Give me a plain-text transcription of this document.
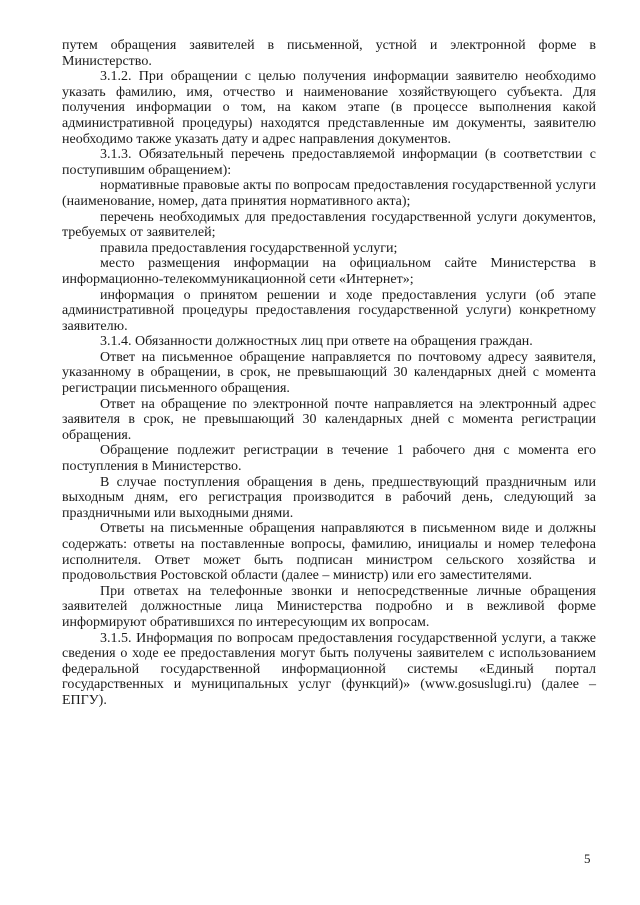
путем обращения заявителей в письменной, устной и электронной форме в Министерство.

3.1.2. При обращении с целью получения информации заявителю необходимо указать фамилию, имя, отчество и наименование хозяйствующего субъекта. Для получения информации о том, на каком этапе (в процессе выполнения какой административной процедуры) находятся представленные им документы, заявителю необходимо также указать дату и адрес направления документов.

3.1.3. Обязательный перечень предоставляемой информации (в соответствии с поступившим обращением):

нормативные правовые акты по вопросам предоставления государственной услуги (наименование, номер, дата принятия нормативного акта);

перечень необходимых для предоставления государственной услуги документов, требуемых от заявителей;

правила предоставления государственной услуги;

место размещения информации на официальном сайте Министерства в информационно-телекоммуникационной сети «Интернет»;

информация о принятом решении и ходе предоставления услуги (об этапе административной процедуры предоставления государственной услуги) конкретному заявителю.

3.1.4. Обязанности должностных лиц при ответе на обращения граждан.

Ответ на письменное обращение направляется по почтовому адресу заявителя, указанному в обращении, в срок, не превышающий 30 календарных дней с момента регистрации письменного обращения.

Ответ на обращение по электронной почте направляется на электронный адрес заявителя в срок, не превышающий 30 календарных дней с момента регистрации обращения.

Обращение подлежит регистрации в течение 1 рабочего дня с момента его поступления в Министерство.

В случае поступления обращения в день, предшествующий праздничным или выходным дням, его регистрация производится в рабочий день, следующий за праздничными или выходными днями.

Ответы на письменные обращения направляются в письменном виде и должны содержать: ответы на поставленные вопросы, фамилию, инициалы и номер телефона исполнителя. Ответ может быть подписан министром сельского хозяйства и продовольствия Ростовской области (далее – министр) или его заместителями.

При ответах на телефонные звонки и непосредственные личные обращения заявителей должностные лица Министерства подробно и в вежливой форме информируют обратившихся по интересующим их вопросам.

3.1.5. Информация по вопросам предоставления государственной услуги, а также сведения о ходе ее предоставления могут быть получены заявителем с использованием федеральной государственной информационной системы «Единый портал государственных и муниципальных услуг (функций)» (www.gosuslugi.ru) (далее – ЕПГУ).

5
